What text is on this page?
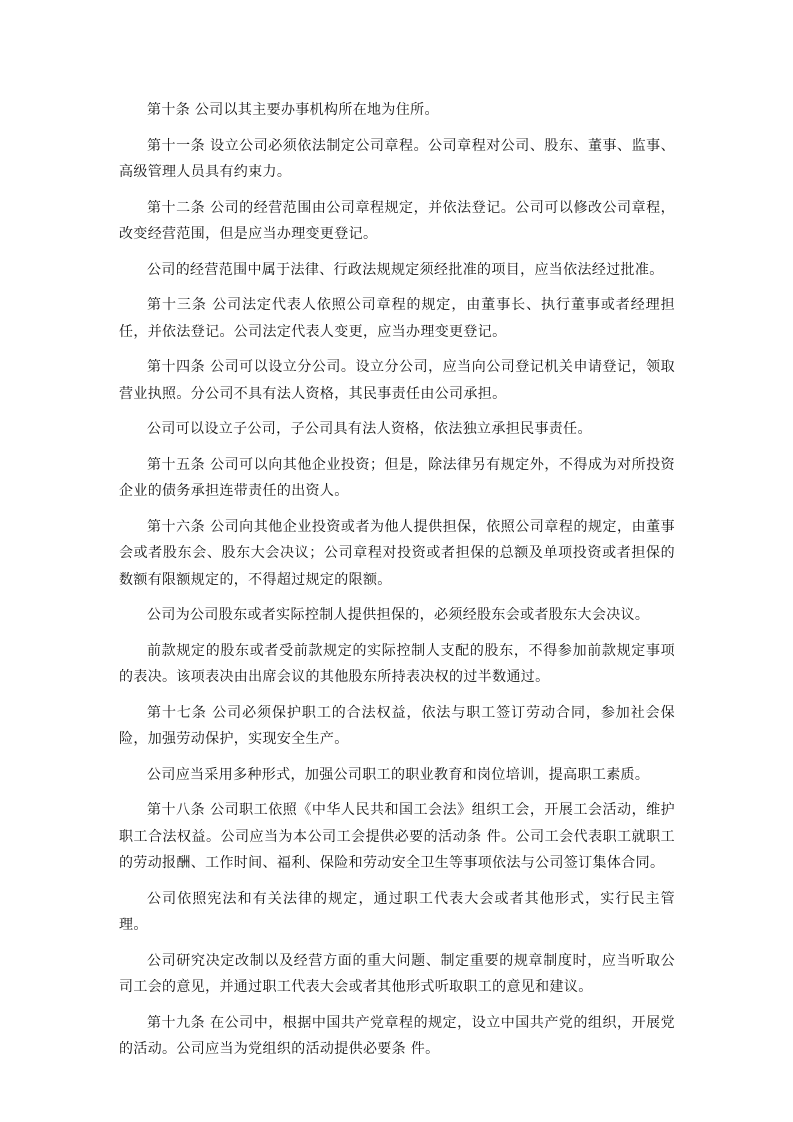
第十条 公司以其主要办事机构所在地为住所。

第十一条 设立公司必须依法制定公司章程。公司章程对公司、股东、董事、监事、高级管理人员具有约束力。

第十二条 公司的经营范围由公司章程规定，并依法登记。公司可以修改公司章程，改变经营范围，但是应当办理变更登记。

公司的经营范围中属于法律、行政法规规定须经批准的项目，应当依法经过批准。

第十三条 公司法定代表人依照公司章程的规定，由董事长、执行董事或者经理担任，并依法登记。公司法定代表人变更，应当办理变更登记。

第十四条 公司可以设立分公司。设立分公司，应当向公司登记机关申请登记，领取营业执照。分公司不具有法人资格，其民事责任由公司承担。

公司可以设立子公司，子公司具有法人资格，依法独立承担民事责任。

第十五条 公司可以向其他企业投资；但是，除法律另有规定外，不得成为对所投资企业的债务承担连带责任的出资人。

第十六条 公司向其他企业投资或者为他人提供担保，依照公司章程的规定，由董事会或者股东会、股东大会决议；公司章程对投资或者担保的总额及单项投资或者担保的数额有限额规定的，不得超过规定的限额。

公司为公司股东或者实际控制人提供担保的，必须经股东会或者股东大会决议。

前款规定的股东或者受前款规定的实际控制人支配的股东，不得参加前款规定事项的表决。该项表决由出席会议的其他股东所持表决权的过半数通过。

第十七条 公司必须保护职工的合法权益，依法与职工签订劳动合同，参加社会保险，加强劳动保护，实现安全生产。

公司应当采用多种形式，加强公司职工的职业教育和岗位培训，提高职工素质。

第十八条 公司职工依照《中华人民共和国工会法》组织工会，开展工会活动，维护职工合法权益。公司应当为本公司工会提供必要的活动条 件。公司工会代表职工就职工的劳动报酬、工作时间、福利、保险和劳动安全卫生等事项依法与公司签订集体合同。

公司依照宪法和有关法律的规定，通过职工代表大会或者其他形式，实行民主管理。

公司研究决定改制以及经营方面的重大问题、制定重要的规章制度时，应当听取公司工会的意见，并通过职工代表大会或者其他形式听取职工的意见和建议。

第十九条 在公司中，根据中国共产党章程的规定，设立中国共产党的组织，开展党的活动。公司应当为党组织的活动提供必要条 件。
